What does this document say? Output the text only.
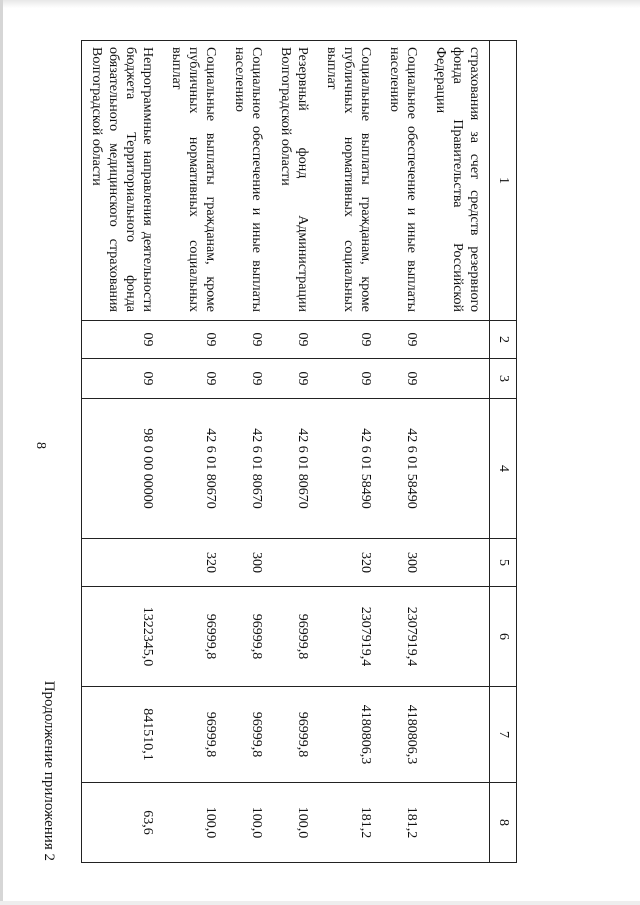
8
Продолжение приложения 2
1	2	3	4	5	6	7	8
страхования за счет средств резервного фонда Правительства Российской Федерации							
Социальное обеспечение и иные выплаты населению	09	09	42 6 01 58490	300	2307919,4	4180806,3	181,2
Социальные выплаты гражданам, кроме публичных нормативных социальных выплат	09	09	42 6 01 58490	320	2307919,4	4180806,3	181,2
Резервный фонд Администрации Волгоградской области	09	09	42 6 01 80670		96999,8	96999,8	100,0
Социальное обеспечение и иные выплаты населению	09	09	42 6 01 80670	300	96999,8	96999,8	100,0
Социальные выплаты гражданам, кроме публичных нормативных социальных выплат	09	09	42 6 01 80670	320	96999,8	96999,8	100,0
Непрограммные направления деятельности бюджета Территориального фонда обязательного медицинского страхования Волгоградской области	09	09	98 0 00 00000		1322345,0	841510,1	63,6
